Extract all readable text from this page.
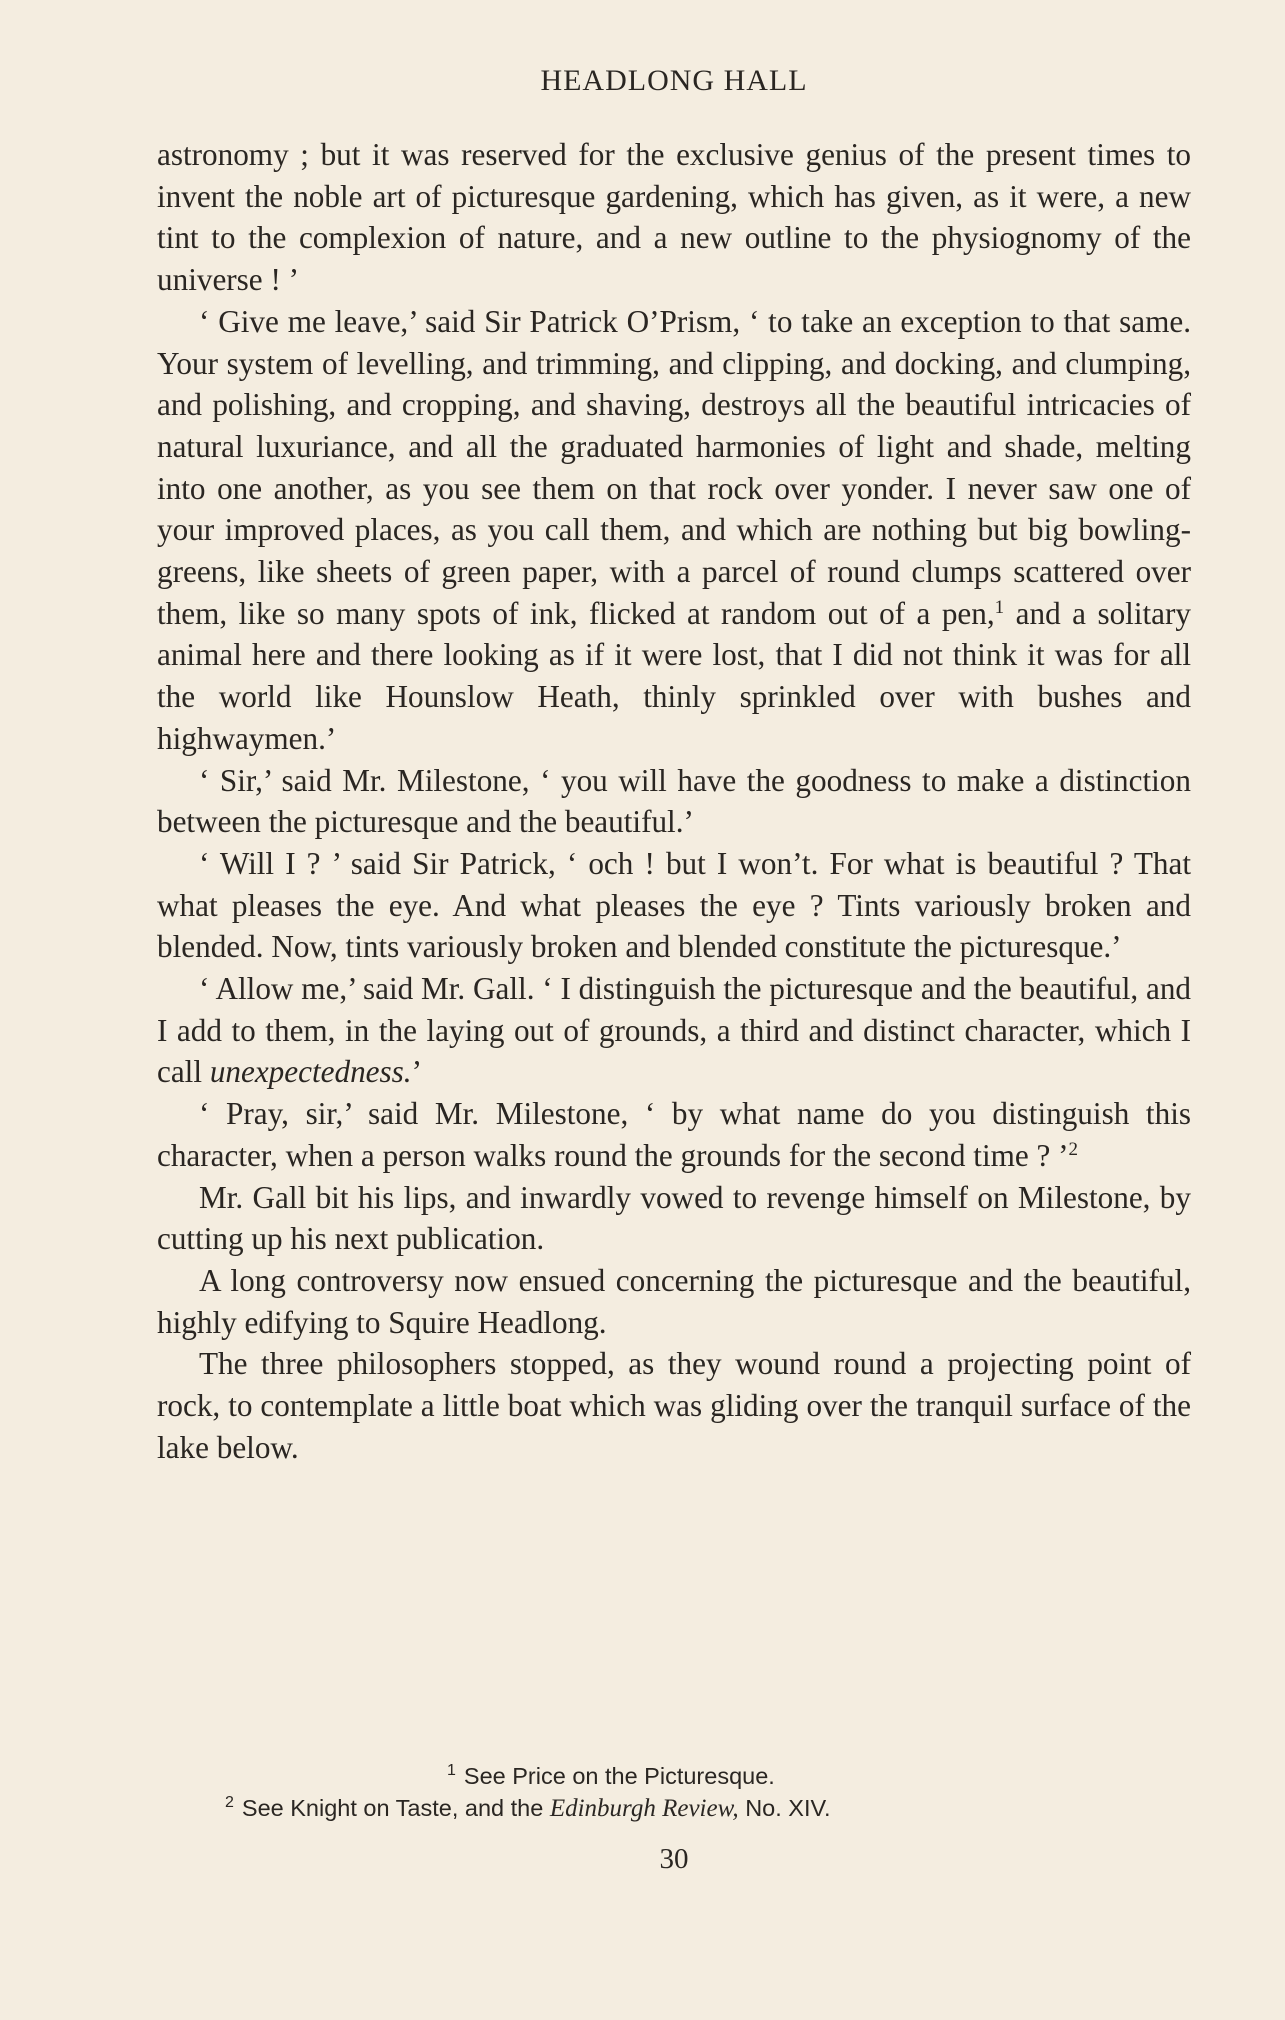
HEADLONG HALL

astronomy ; but it was reserved for the exclusive genius of the present times to invent the noble art of picturesque gardening, which has given, as it were, a new tint to the complexion of nature, and a new outline to the physiognomy of the universe ! ’

‘ Give me leave,’ said Sir Patrick O’Prism, ‘ to take an exception to that same. Your system of levelling, and trimming, and clipping, and docking, and clumping, and polishing, and cropping, and shaving, destroys all the beautiful intricacies of natural luxuriance, and all the graduated harmonies of light and shade, melting into one another, as you see them on that rock over yonder. I never saw one of your improved places, as you call them, and which are nothing but big bowling-greens, like sheets of green paper, with a parcel of round clumps scattered over them, like so many spots of ink, flicked at random out of a pen,$^1$ and a solitary animal here and there looking as if it were lost, that I did not think it was for all the world like Hounslow Heath, thinly sprinkled over with bushes and highwaymen.’

‘ Sir,’ said Mr. Milestone, ‘ you will have the goodness to make a distinction between the picturesque and the beautiful.’

‘ Will I ? ’ said Sir Patrick, ‘ och ! but I won’t. For what is beautiful ? That what pleases the eye. And what pleases the eye ? Tints variously broken and blended. Now, tints variously broken and blended constitute the picturesque.’

‘ Allow me,’ said Mr. Gall. ‘ I distinguish the picturesque and the beautiful, and I add to them, in the laying out of grounds, a third and distinct character, which I call unexpectedness.’

‘ Pray, sir,’ said Mr. Milestone, ‘ by what name do you distinguish this character, when a person walks round the grounds for the second time ? ’$^2$

Mr. Gall bit his lips, and inwardly vowed to revenge himself on Milestone, by cutting up his next publication.

A long controversy now ensued concerning the picturesque and the beautiful, highly edifying to Squire Headlong.

The three philosophers stopped, as they wound round a projecting point of rock, to contemplate a little boat which was gliding over the tranquil surface of the lake below.

$^1$ See Price on the Picturesque.

$^2$ See Knight on Taste, and the Edinburgh Review, No. XIV.

30
